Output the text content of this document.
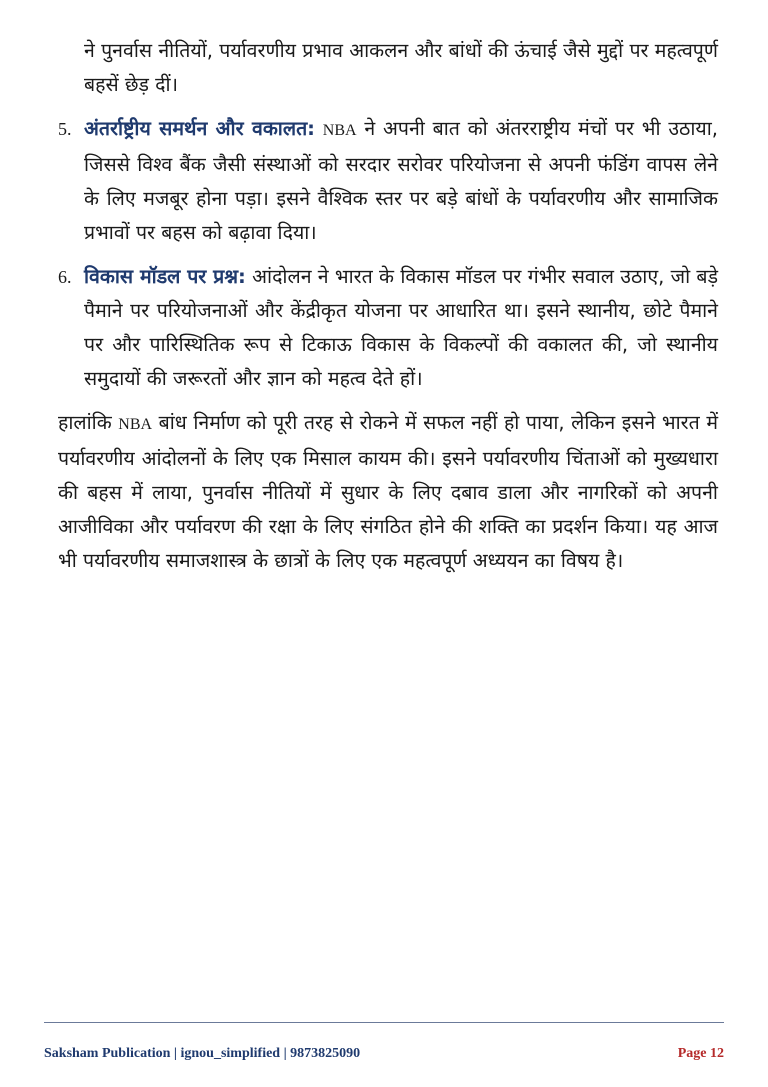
ने पुनर्वास नीतियों, पर्यावरणीय प्रभाव आकलन और बांधों की ऊंचाई जैसे मुद्दों पर महत्वपूर्ण बहसें छेड़ दीं।

5. अंतर्राष्ट्रीय समर्थन और वकालत: NBA ने अपनी बात को अंतरराष्ट्रीय मंचों पर भी उठाया, जिससे विश्व बैंक जैसी संस्थाओं को सरदार सरोवर परियोजना से अपनी फंडिंग वापस लेने के लिए मजबूर होना पड़ा। इसने वैश्विक स्तर पर बड़े बांधों के पर्यावरणीय और सामाजिक प्रभावों पर बहस को बढ़ावा दिया।
6. विकास मॉडल पर प्रश्न: आंदोलन ने भारत के विकास मॉडल पर गंभीर सवाल उठाए, जो बड़े पैमाने पर परियोजनाओं और केंद्रीकृत योजना पर आधारित था। इसने स्थानीय, छोटे पैमाने पर और पारिस्थितिक रूप से टिकाऊ विकास के विकल्पों की वकालत की, जो स्थानीय समुदायों की जरूरतों और ज्ञान को महत्व देते हों।

हालांकि NBA बांध निर्माण को पूरी तरह से रोकने में सफल नहीं हो पाया, लेकिन इसने भारत में पर्यावरणीय आंदोलनों के लिए एक मिसाल कायम की। इसने पर्यावरणीय चिंताओं को मुख्यधारा की बहस में लाया, पुनर्वास नीतियों में सुधार के लिए दबाव डाला और नागरिकों को अपनी आजीविका और पर्यावरण की रक्षा के लिए संगठित होने की शक्ति का प्रदर्शन किया। यह आज भी पर्यावरणीय समाजशास्त्र के छात्रों के लिए एक महत्वपूर्ण अध्ययन का विषय है।

Saksham Publication | ignou_simplified | 9873825090	Page 12
